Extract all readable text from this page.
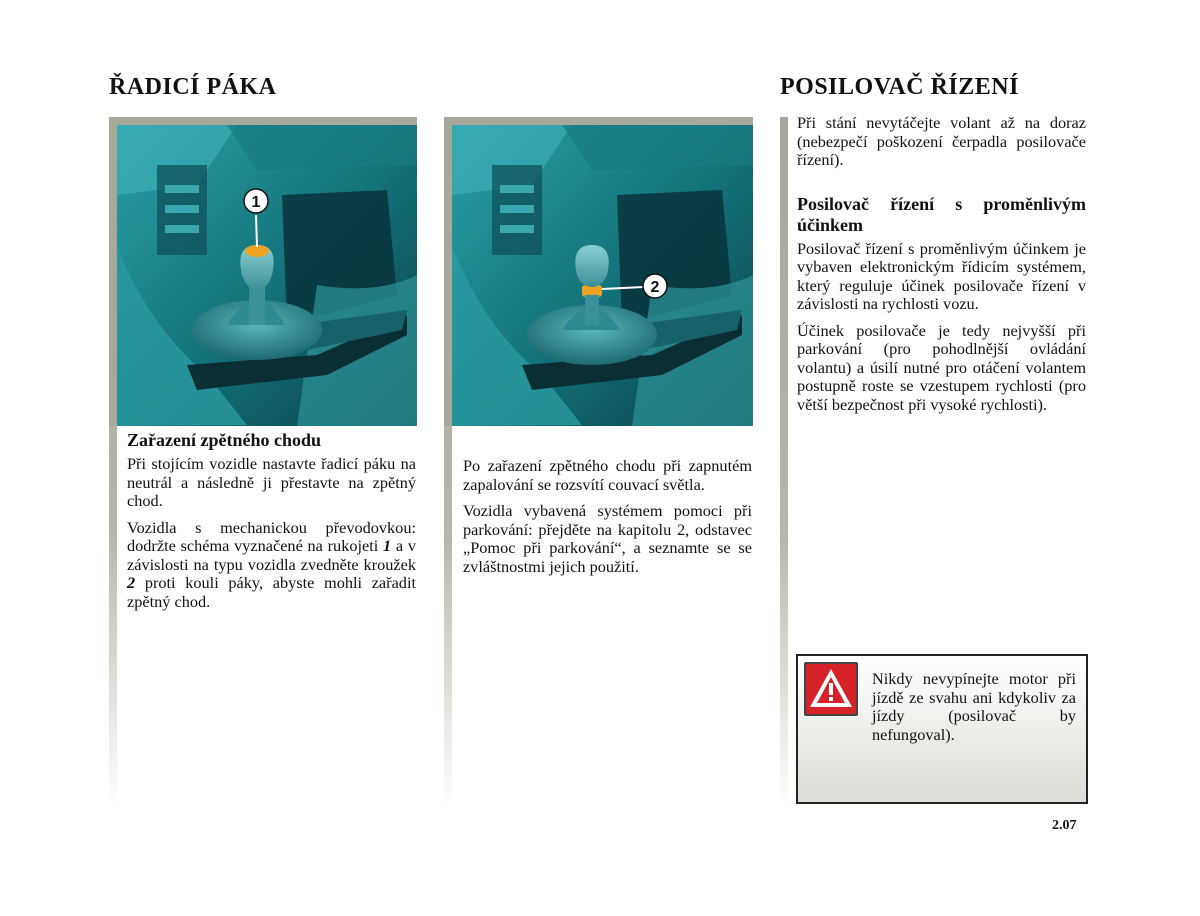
ŘADICÍ PÁKA	POSILOVAČ ŘÍZENÍ
1
2
Zařazení zpětného chodu

Při stojícím vozidle nastavte řadicí páku na neutrál a následně ji přestavte na zpětný chod.

Vozidla s mechanickou převodovkou: dodržte schéma vyznačené na rukojeti 1 a v závislosti na typu vozidla zvedněte kroužek 2 proti kouli páky, abyste mohli zařadit zpětný chod.

Po zařazení zpětného chodu při zapnutém zapalování se rozsvítí couvací světla.

Vozidla vybavená systémem pomoci při parkování: přejděte na kapitolu 2, odstavec „Pomoc při parkování“, a seznamte se se zvláštnostmi jejich použití.

Při stání nevytáčejte volant až na doraz (nebezpečí poškození čerpadla posilovače řízení).

Posilovač řízení s proměnlivým účinkem

Posilovač řízení s proměnlivým účinkem je vybaven elektronickým řídicím systémem, který reguluje účinek posilovače řízení v závislosti na rychlosti vozu.

Účinek posilovače je tedy nejvyšší při parkování (pro pohodlnější ovládání volantu) a úsilí nutné pro otáčení volantem postupně roste se vzestupem rychlosti (pro větší bezpečnost při vysoké rychlosti).

Nikdy nevypínejte motor při jízdě ze svahu ani kdykoliv za jízdy (posilovač by nefungoval).
2.07
